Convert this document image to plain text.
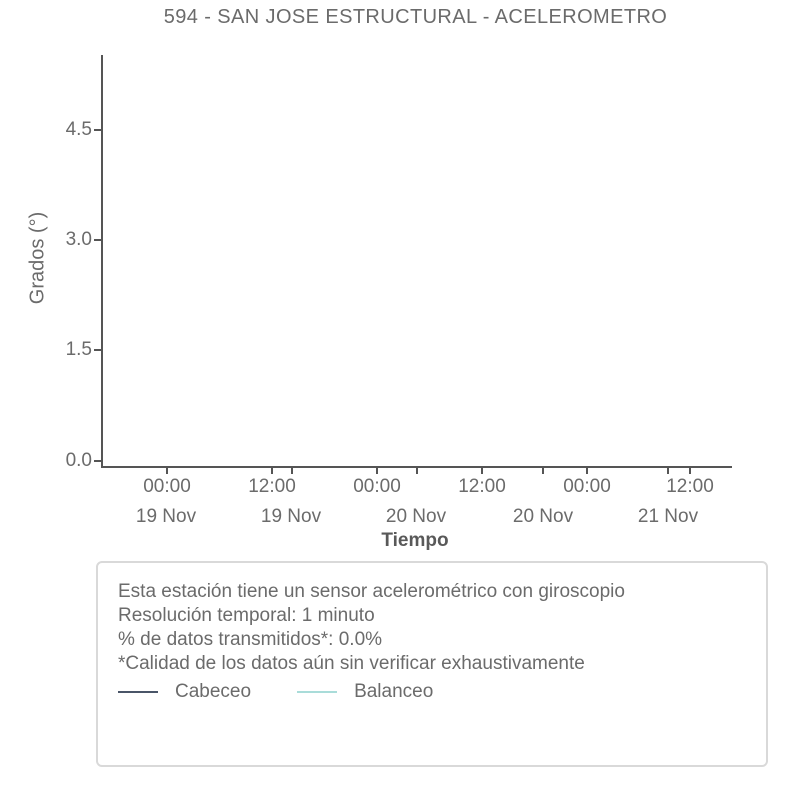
594 - SAN JOSE ESTRUCTURAL - ACELEROMETRO
Grados (°)
4.5
3.0
1.5
0.0
00:00	12:00	00:00	12:00	00:00	12:00
19 Nov	19 Nov	20 Nov	20 Nov	21 Nov
Tiempo
Esta estación tiene un sensor acelerométrico con giroscopio
Resolución temporal: 1 minuto
% de datos transmitidos*: 0.0%
*Calidad de los datos aún sin verificar exhaustivamente
Cabeceo	Balanceo
